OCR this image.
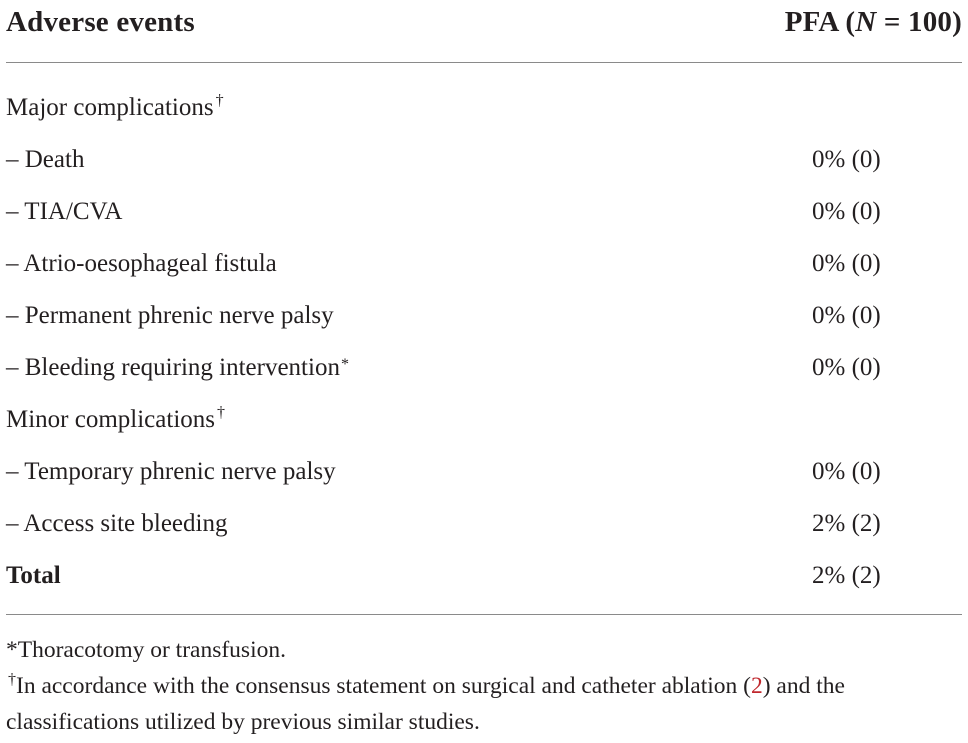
Adverse events	PFA (N = 100)
Major complications †
– Death	0% (0)
– TIA/CVA	0% (0)
– Atrio-oesophageal fistula	0% (0)
– Permanent phrenic nerve palsy	0% (0)
– Bleeding requiring intervention*	0% (0)
Minor complications †
– Temporary phrenic nerve palsy	0% (0)
– Access site bleeding	2% (2)
Total	2% (2)
*Thoracotomy or transfusion.
†In accordance with the consensus statement on surgical and catheter ablation (2) and the classifications utilized by previous similar studies.
